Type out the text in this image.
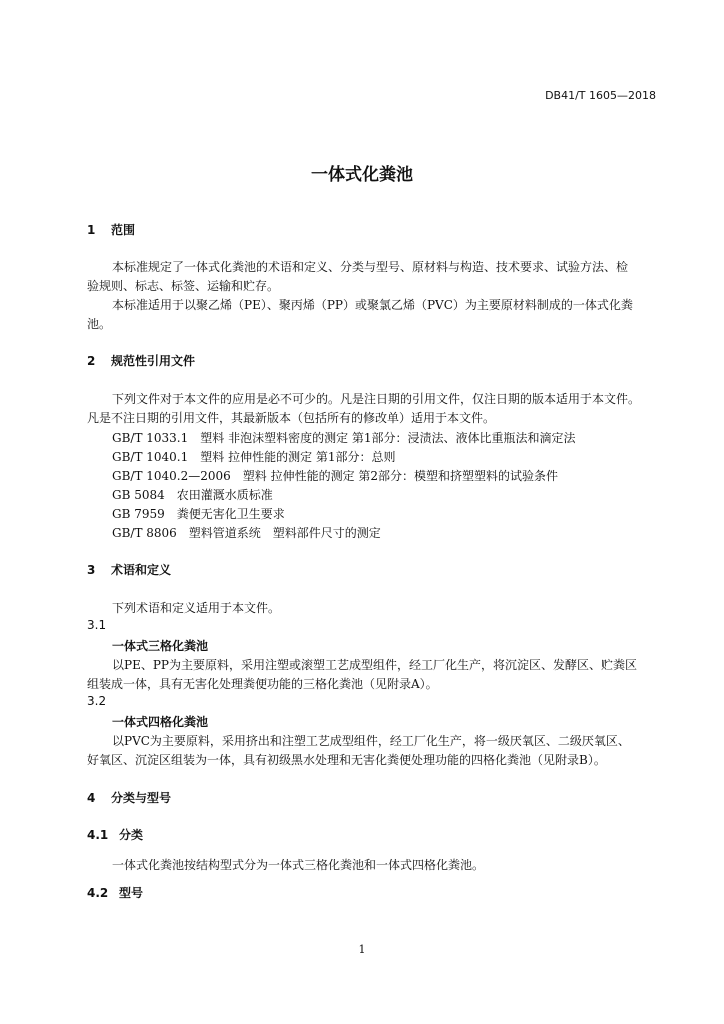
DB41/T 1605—2018
一体式化粪池
1 范围
本标准规定了一体式化粪池的术语和定义、分类与型号、原材料与构造、技术要求、试验方法、检
验规则、标志、标签、运输和贮存。
本标准适用于以聚乙烯（PE）、聚丙烯（PP）或聚氯乙烯（PVC）为主要原材料制成的一体式化粪
池。
2 规范性引用文件
下列文件对于本文件的应用是必不可少的。凡是注日期的引用文件，仅注日期的版本适用于本文件。
凡是不注日期的引用文件，其最新版本（包括所有的修改单）适用于本文件。
GB/T 1033.1　塑料 非泡沫塑料密度的测定 第1部分：浸渍法、液体比重瓶法和滴定法
GB/T 1040.1　塑料 拉伸性能的测定 第1部分：总则
GB/T 1040.2—2006　塑料 拉伸性能的测定 第2部分：模塑和挤塑塑料的试验条件
GB 5084　农田灌溉水质标准
GB 7959　粪便无害化卫生要求
GB/T 8806　塑料管道系统　塑料部件尺寸的测定
3 术语和定义
下列术语和定义适用于本文件。
3.1
一体式三格化粪池
以PE、PP为主要原料，采用注塑或滚塑工艺成型组件，经工厂化生产，将沉淀区、发酵区、贮粪区
组装成一体，具有无害化处理粪便功能的三格化粪池（见附录A）。
3.2
一体式四格化粪池
以PVC为主要原料，采用挤出和注塑工艺成型组件，经工厂化生产，将一级厌氧区、二级厌氧区、
好氧区、沉淀区组装为一体，具有初级黑水处理和无害化粪便处理功能的四格化粪池（见附录B）。
4 分类与型号
4.1 分类
一体式化粪池按结构型式分为一体式三格化粪池和一体式四格化粪池。
4.2 型号
1
